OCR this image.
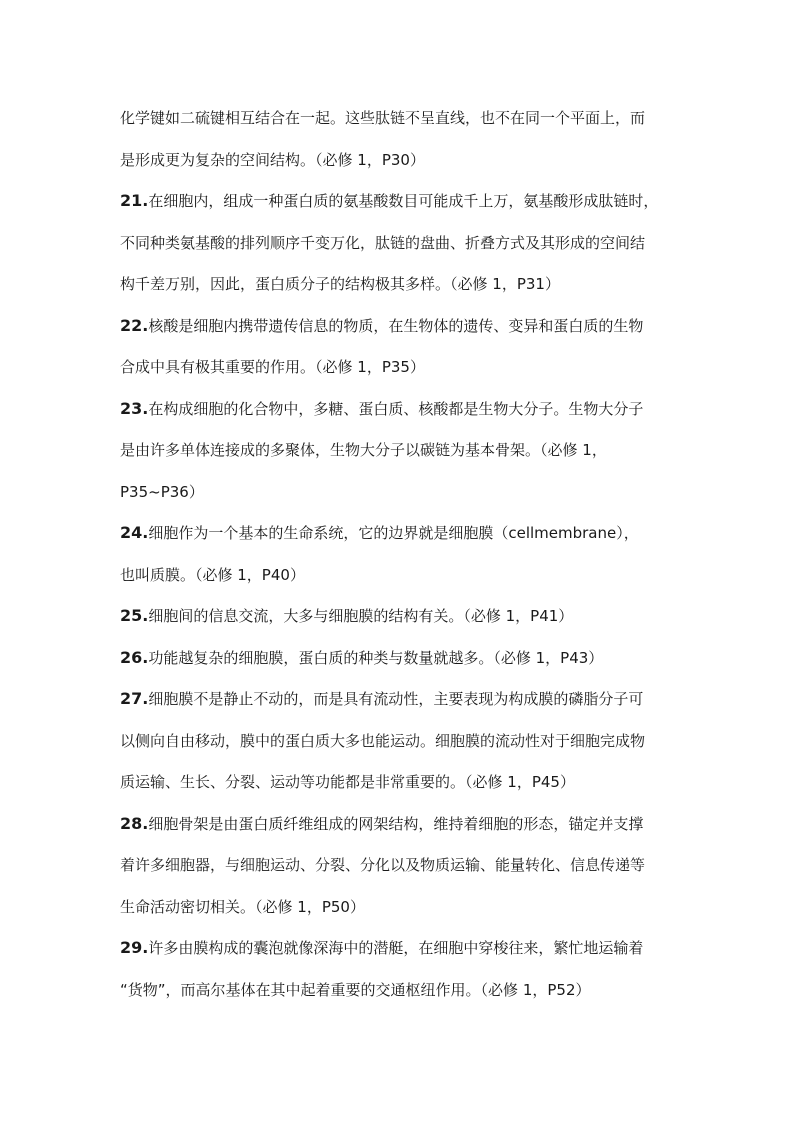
化学键如二硫键相互结合在一起。这些肽链不呈直线，也不在同一个平面上，而
是形成更为复杂的空间结构。（必修 1，P30）
21.在细胞内，组成一种蛋白质的氨基酸数目可能成千上万，氨基酸形成肽链时，
不同种类氨基酸的排列顺序千变万化，肽链的盘曲、折叠方式及其形成的空间结
构千差万别，因此，蛋白质分子的结构极其多样。（必修 1，P31）
22.核酸是细胞内携带遗传信息的物质，在生物体的遗传、变异和蛋白质的生物
合成中具有极其重要的作用。（必修 1，P35）
23.在构成细胞的化合物中，多糖、蛋白质、核酸都是生物大分子。生物大分子
是由许多单体连接成的多聚体，生物大分子以碳链为基本骨架。（必修 1，
P35~P36）
24.细胞作为一个基本的生命系统，它的边界就是细胞膜（cellmembrane），
也叫质膜。（必修 1，P40）
25.细胞间的信息交流，大多与细胞膜的结构有关。（必修 1，P41）
26.功能越复杂的细胞膜，蛋白质的种类与数量就越多。（必修 1，P43）
27.细胞膜不是静止不动的，而是具有流动性，主要表现为构成膜的磷脂分子可
以侧向自由移动，膜中的蛋白质大多也能运动。细胞膜的流动性对于细胞完成物
质运输、生长、分裂、运动等功能都是非常重要的。（必修 1，P45）
28.细胞骨架是由蛋白质纤维组成的网架结构，维持着细胞的形态，锚定并支撑
着许多细胞器，与细胞运动、分裂、分化以及物质运输、能量转化、信息传递等
生命活动密切相关。（必修 1，P50）
29.许多由膜构成的囊泡就像深海中的潜艇，在细胞中穿梭往来，繁忙地运输着
“货物”，而高尔基体在其中起着重要的交通枢纽作用。（必修 1，P52）
